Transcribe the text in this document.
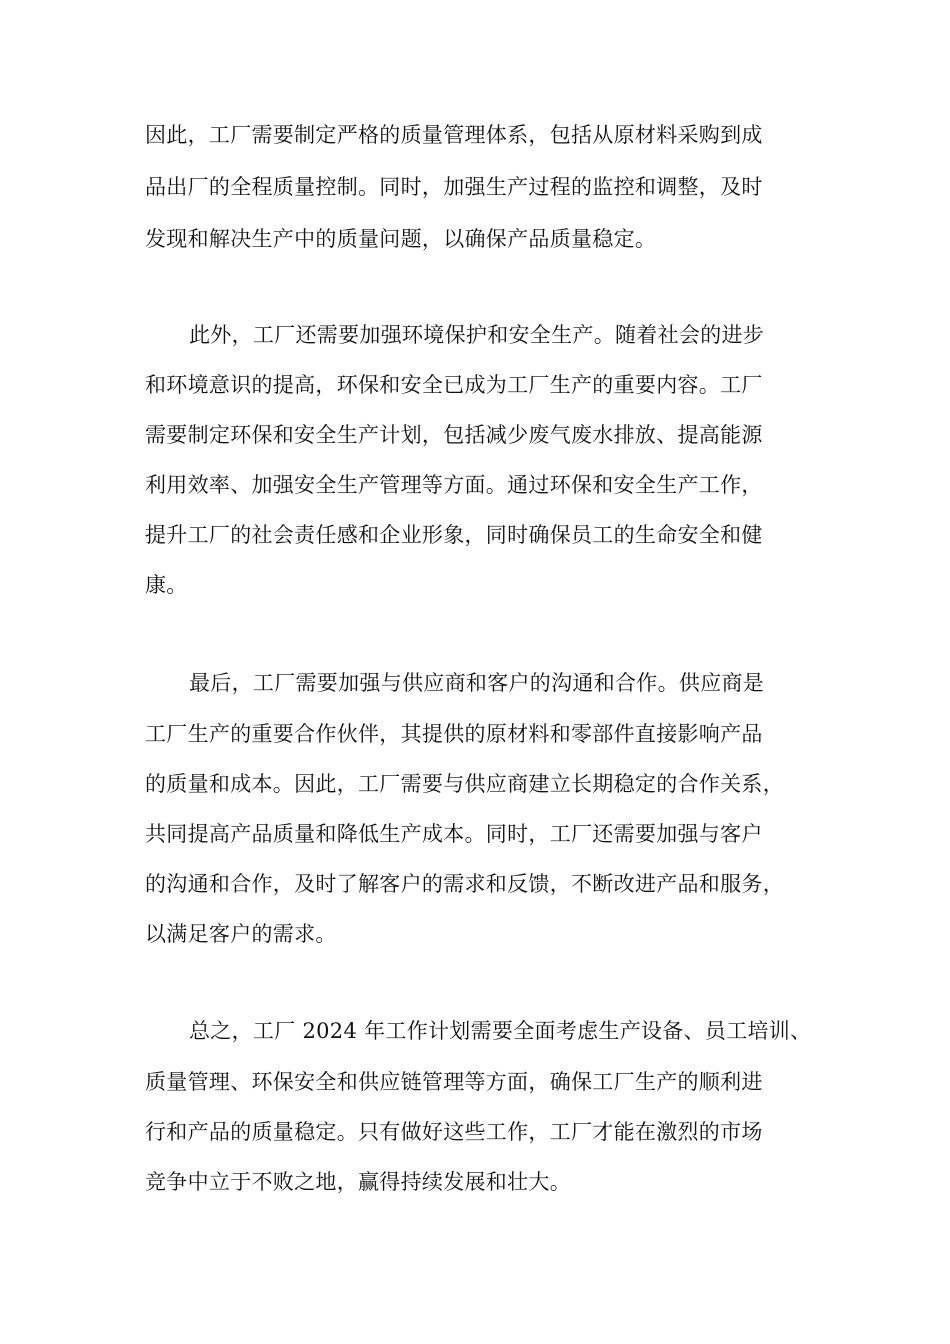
因此，工厂需要制定严格的质量管理体系，包括从原材料采购到成
品出厂的全程质量控制。同时，加强生产过程的监控和调整，及时
发现和解决生产中的质量问题，以确保产品质量稳定。
此外，工厂还需要加强环境保护和安全生产。随着社会的进步
和环境意识的提高，环保和安全已成为工厂生产的重要内容。工厂
需要制定环保和安全生产计划，包括减少废气废水排放、提高能源
利用效率、加强安全生产管理等方面。通过环保和安全生产工作，
提升工厂的社会责任感和企业形象，同时确保员工的生命安全和健
康。
最后，工厂需要加强与供应商和客户的沟通和合作。供应商是
工厂生产的重要合作伙伴，其提供的原材料和零部件直接影响产品
的质量和成本。因此，工厂需要与供应商建立长期稳定的合作关系，
共同提高产品质量和降低生产成本。同时，工厂还需要加强与客户
的沟通和合作，及时了解客户的需求和反馈，不断改进产品和服务，
以满足客户的需求。
总之，工厂 2024 年工作计划需要全面考虑生产设备、员工培训、
质量管理、环保安全和供应链管理等方面，确保工厂生产的顺利进
行和产品的质量稳定。只有做好这些工作，工厂才能在激烈的市场
竞争中立于不败之地，赢得持续发展和壮大。
